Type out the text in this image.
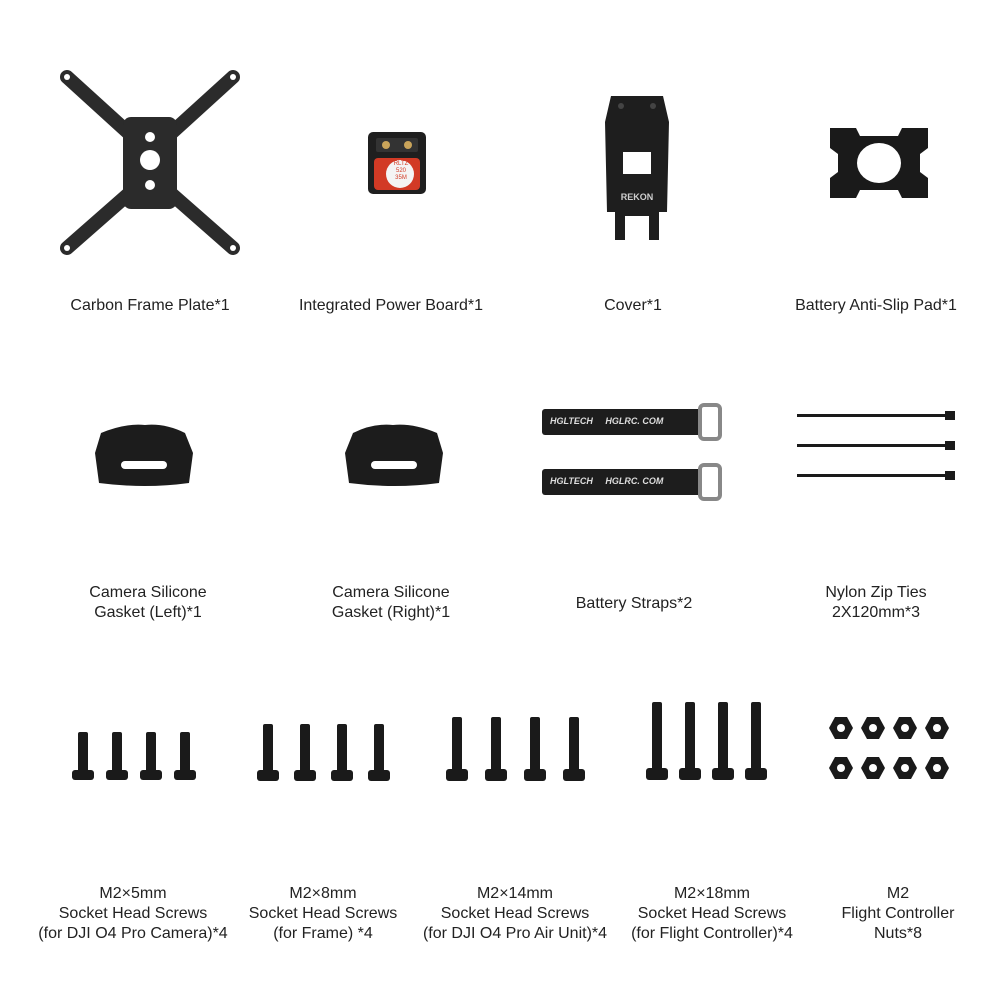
Carbon Frame Plate*1
RLTZ
520
35M
Integrated Power Board*1
REKON
Cover*1	Battery Anti-Slip Pad*1
Camera Silicone
Gasket (Left)*1
Camera Silicone
Gasket (Right)*1
HGLTECH HGLRC. COM
HGLTECH HGLRC. COM
Battery Straps*2
Nylon Zip Ties
2X120mm*3
M2×5mm
Socket Head Screws
(for DJI O4 Pro Camera)*4
M2×8mm
Socket Head Screws
(for Frame) *4
M2×14mm
Socket Head Screws
(for DJI O4 Pro Air Unit)*4
M2×18mm
Socket Head Screws
(for Flight Controller)*4
M2
Flight Controller
Nuts*8
